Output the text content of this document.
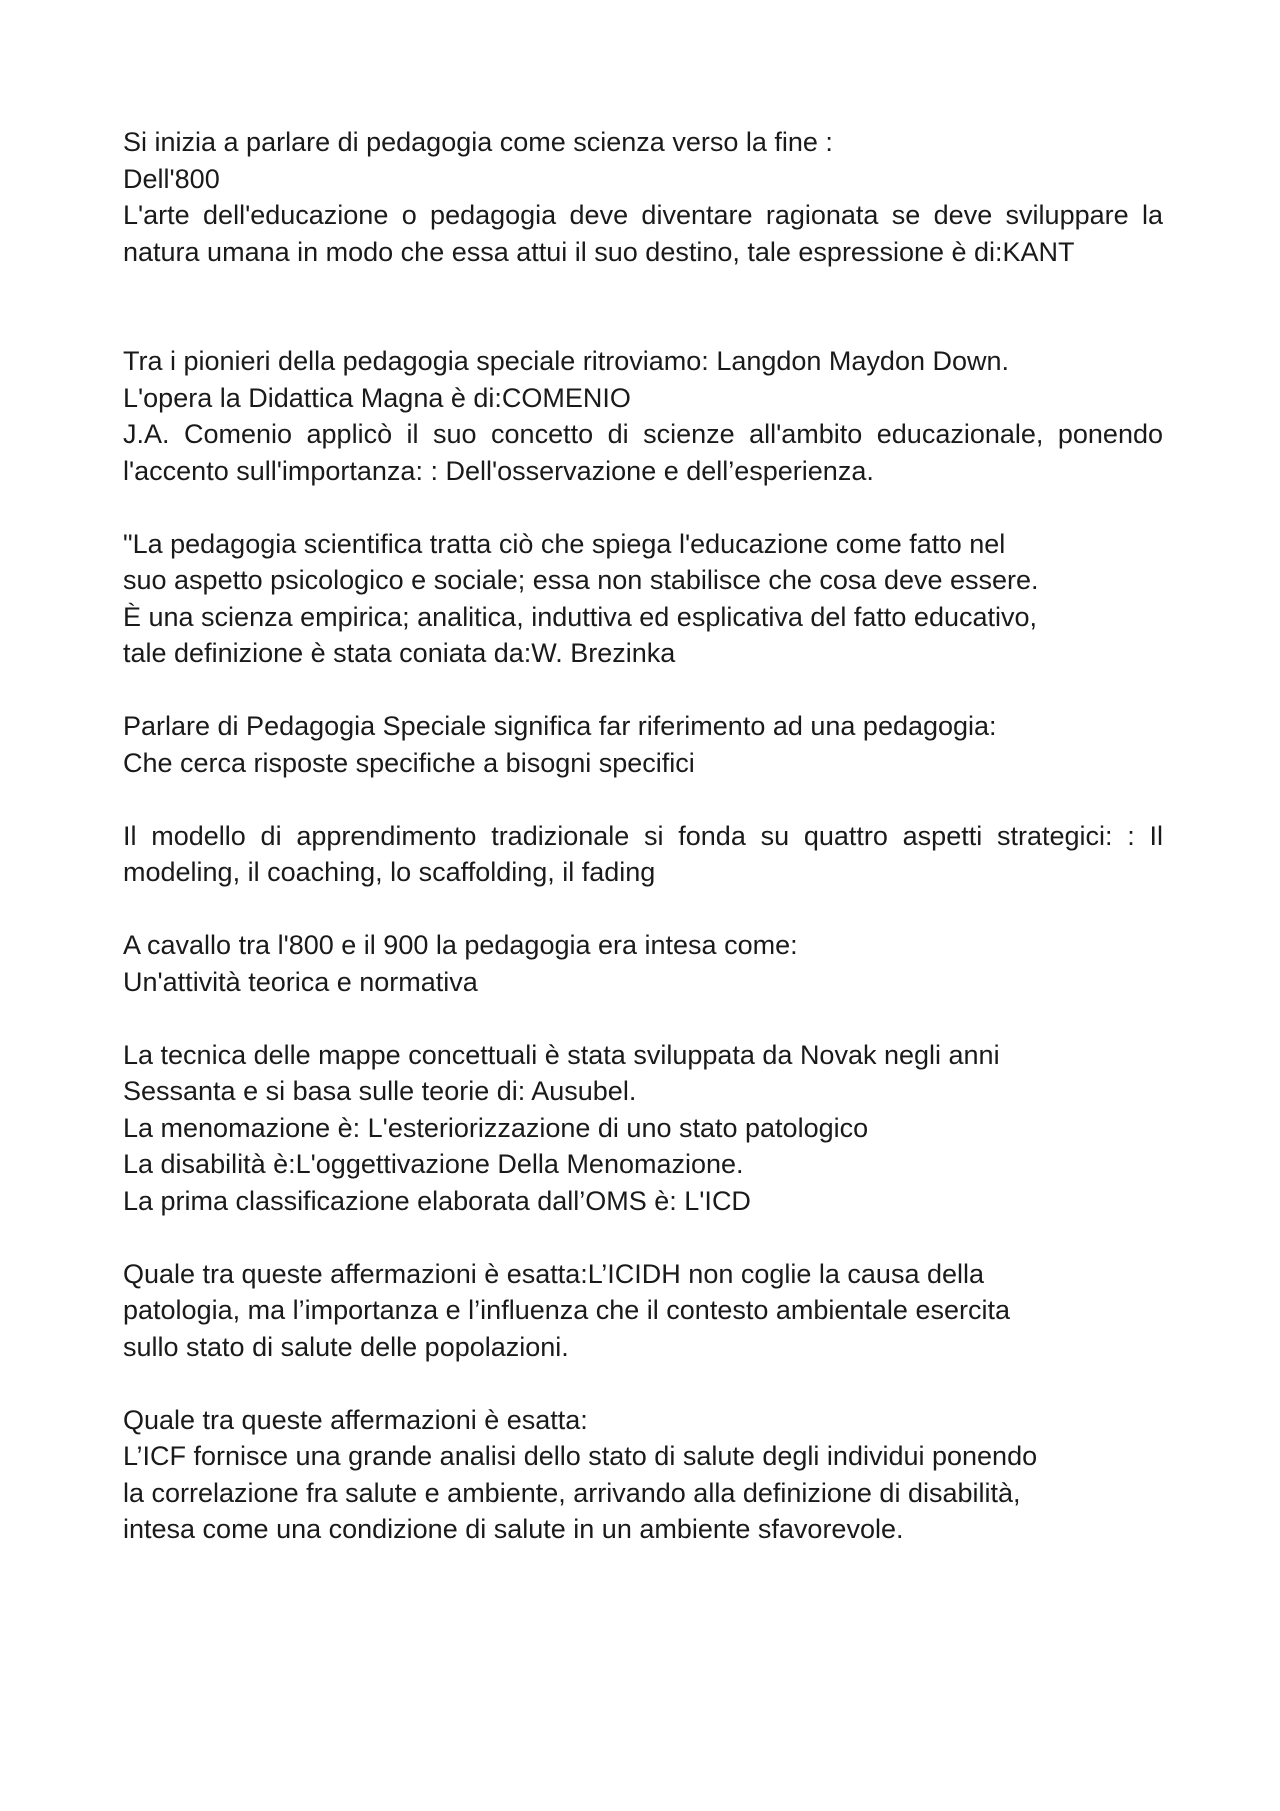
Si inizia a parlare di pedagogia come scienza verso la fine :
Dell'800

L'arte dell'educazione o pedagogia deve diventare ragionata se deve sviluppare la natura umana in modo che essa attui il suo destino, tale espressione è di:KANT

Tra i pionieri della pedagogia speciale ritroviamo: Langdon Maydon Down.
L'opera la Didattica Magna è di:COMENIO

J.A. Comenio applicò il suo concetto di scienze all'ambito educazionale, ponendo l'accento sull'importanza: : Dell'osservazione e dell’esperienza.

"La pedagogia scientifica tratta ciò che spiega l'educazione come fatto nel
suo aspetto psicologico e sociale; essa non stabilisce che cosa deve essere.
È una scienza empirica; analitica, induttiva ed esplicativa del fatto educativo,
tale definizione è stata coniata da:W. Brezinka

Parlare di Pedagogia Speciale significa far riferimento ad una pedagogia:
Che cerca risposte specifiche a bisogni specifici

Il modello di apprendimento tradizionale si fonda su quattro aspetti strategici: : Il modeling, il coaching, lo scaffolding, il fading

A cavallo tra l'800 e il 900 la pedagogia era intesa come:
Un'attività teorica e normativa

La tecnica delle mappe concettuali è stata sviluppata da Novak negli anni
Sessanta e si basa sulle teorie di: Ausubel.
La menomazione è: L'esteriorizzazione di uno stato patologico
La disabilità è:L'oggettivazione Della Menomazione.
La prima classificazione elaborata dall’OMS è: L'ICD

Quale tra queste affermazioni è esatta:L’ICIDH non coglie la causa della
patologia, ma l’importanza e l’influenza che il contesto ambientale esercita
sullo stato di salute delle popolazioni.

Quale tra queste affermazioni è esatta:
L’ICF fornisce una grande analisi dello stato di salute degli individui ponendo
la correlazione fra salute e ambiente, arrivando alla definizione di disabilità,
intesa come una condizione di salute in un ambiente sfavorevole.
